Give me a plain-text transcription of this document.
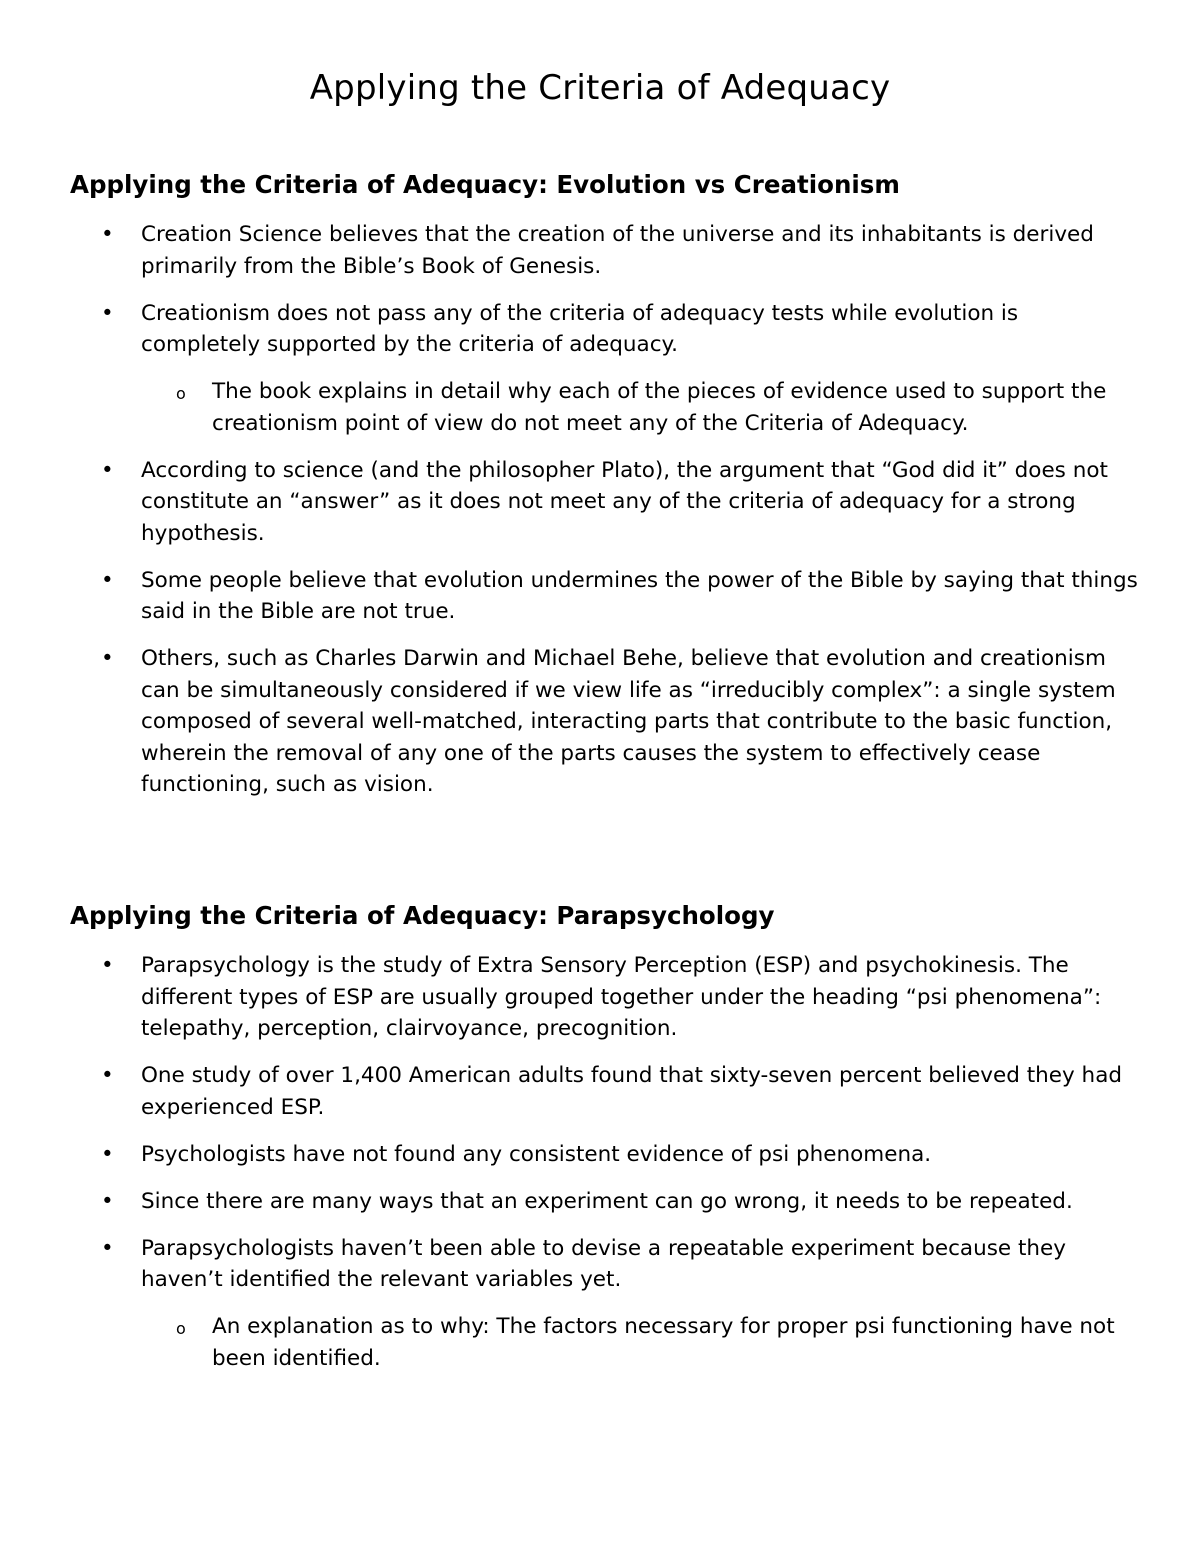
Applying the Criteria of Adequacy
Applying the Criteria of Adequacy: Evolution vs Creationism
• Creation Science believes that the creation of the universe and its inhabitants is derived primarily from the Bible’s Book of Genesis.
• Creationism does not pass any of the criteria of adequacy tests while evolution is completely supported by the criteria of adequacy.
o The book explains in detail why each of the pieces of evidence used to support the creationism point of view do not meet any of the Criteria of Adequacy.
• According to science (and the philosopher Plato), the argument that “God did it” does not constitute an “answer” as it does not meet any of the criteria of adequacy for a strong hypothesis.
• Some people believe that evolution undermines the power of the Bible by saying that things said in the Bible are not true.
• Others, such as Charles Darwin and Michael Behe, believe that evolution and creationism can be simultaneously considered if we view life as “irreducibly complex”: a single system composed of several well-matched, interacting parts that contribute to the basic function, wherein the removal of any one of the parts causes the system to effectively cease functioning, such as vision.
Applying the Criteria of Adequacy: Parapsychology
• Parapsychology is the study of Extra Sensory Perception (ESP) and psychokinesis. The different types of ESP are usually grouped together under the heading “psi phenomena”: telepathy, perception, clairvoyance, precognition.
• One study of over 1,400 American adults found that sixty-seven percent believed they had experienced ESP.
• Psychologists have not found any consistent evidence of psi phenomena.
• Since there are many ways that an experiment can go wrong, it needs to be repeated.
• Parapsychologists haven’t been able to devise a repeatable experiment because they haven’t identified the relevant variables yet.
o An explanation as to why: The factors necessary for proper psi functioning have not been identified.
